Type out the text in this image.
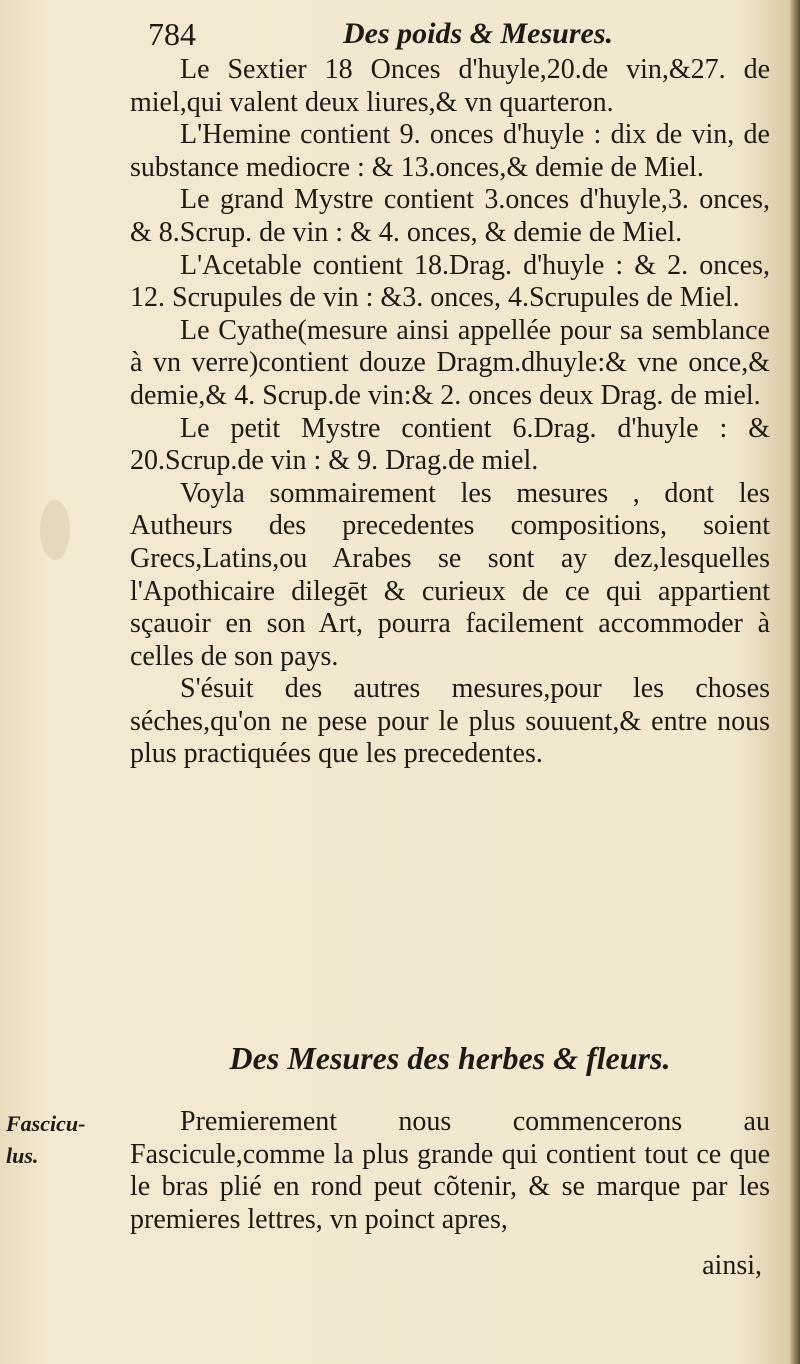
784	Des poids & Mesures.

Le Sextier 18 Onces d'huyle,20.de vin,&27. de miel,qui valent deux liures,& vn quarteron.

L'Hemine contient 9. onces d'huyle : dix de vin, de substance mediocre : & 13.onces,& demie de Miel.

Le grand Mystre contient 3.onces d'huyle,3. onces, & 8.Scrup. de vin : & 4. onces, & demie de Miel.

L'Acetable contient 18.Drag. d'huyle : & 2. onces, 12. Scrupules de vin : &3. onces, 4.Scrupules de Miel.

Le Cyathe(mesure ainsi appellée pour sa semblance à vn verre)contient douze Dragm.dhuyle:& vne once,& demie,& 4. Scrup.de vin:& 2. onces deux Drag. de miel.

Le petit Mystre contient 6.Drag. d'huyle : & 20.Scrup.de vin : & 9. Drag.de miel.

Voyla sommairement les mesures , dont les Autheurs des precedentes compositions, soient Grecs,Latins,ou Arabes se sont ay dez,lesquelles l'Apothicaire dilegēt & curieux de ce qui appartient sçauoir en son Art, pourra facilement accommoder à celles de son pays.

S'ésuit des autres mesures,pour les choses séches,qu'on ne pese pour le plus souuent,& entre nous plus practiquées que les precedentes.

Des Mesures des herbes & fleurs.
Fascicu-lus.

Premierement nous commencerons au Fascicule,comme la plus grande qui contient tout ce que le bras plié en rond peut cõtenir, & se marque par les premieres lettres, vn poinct apres,

ainsi,
